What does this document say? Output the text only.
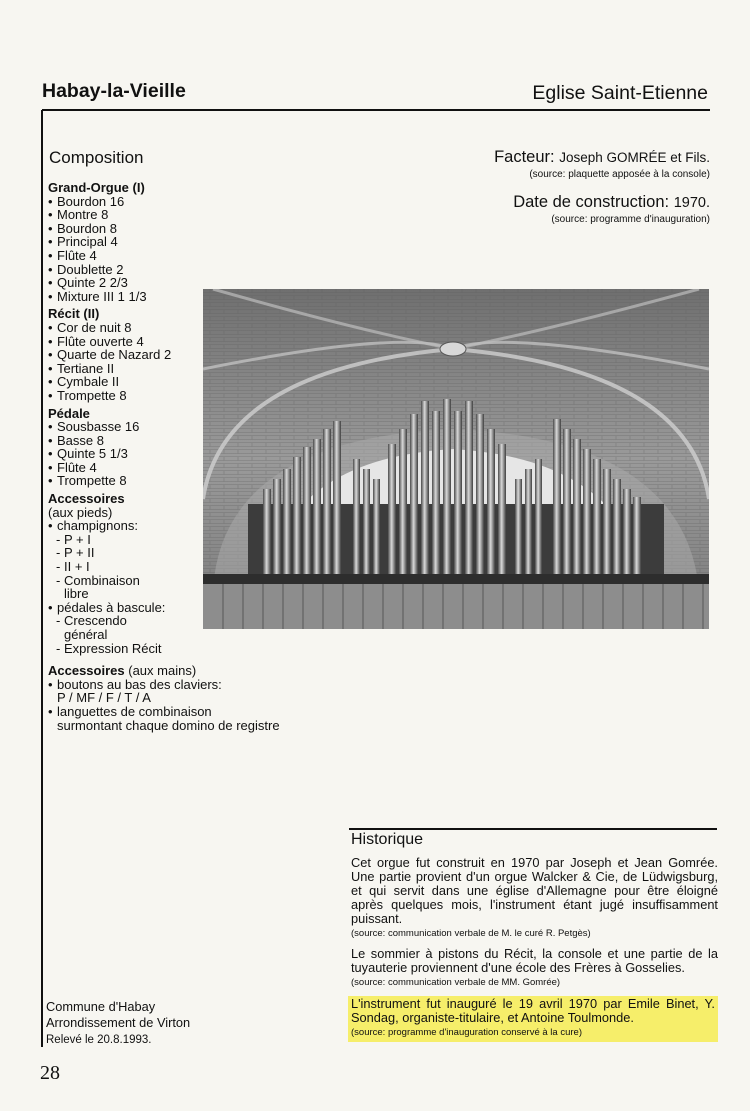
Habay-la-Vieille	Eglise Saint-Etienne
Composition
Grand-Orgue (I)
• Bourdon 16
• Montre 8
• Bourdon 8
• Principal 4
• Flûte 4
• Doublette 2
• Quinte 2 2/3
• Mixture III 1 1/3
Récit (II)
• Cor de nuit 8
• Flûte ouverte 4
• Quarte de Nazard 2
• Tertiane II
• Cymbale II
• Trompette 8
Pédale
• Sousbasse 16
• Basse 8
• Quinte 5 1/3
• Flûte 4
• Trompette 8
Accessoires (aux pieds)
• champignons:
- P + I
- P + II
- II + I
- Combinaison libre
• pédales à bascule:
- Crescendo général
- Expression Récit
Accessoires (aux mains)
• boutons au bas des claviers:
P / MF / F / T / A
• languettes de combinaison
surmontant chaque domino de registre
Facteur: Joseph GOMRÉE et Fils.
(source: plaquette apposée à la console)
Date de construction: 1970.
(source: programme d'inauguration)
Historique

Cet orgue fut construit en 1970 par Joseph et Jean Gomrée. Une partie provient d'un orgue Walcker & Cie, de Lüdwigsburg, et qui servit dans une église d'Allemagne pour être éloigné après quelques mois, l'instrument étant jugé insuffisamment puissant.

(source: communication verbale de M. le curé R. Petgès)

Le sommier à pistons du Récit, la console et une partie de la tuyauterie proviennent d'une école des Frères à Gosselies.

(source: communication verbale de MM. Gomrée)

L'instrument fut inauguré le 19 avril 1970 par Emile Binet, Y. Sondag, organiste-titulaire, et Antoine Toulmonde.

(source: programme d'inauguration conservé à la cure)
Commune d'Habay
Arrondissement de Virton
Relevé le 20.8.1993.
28
